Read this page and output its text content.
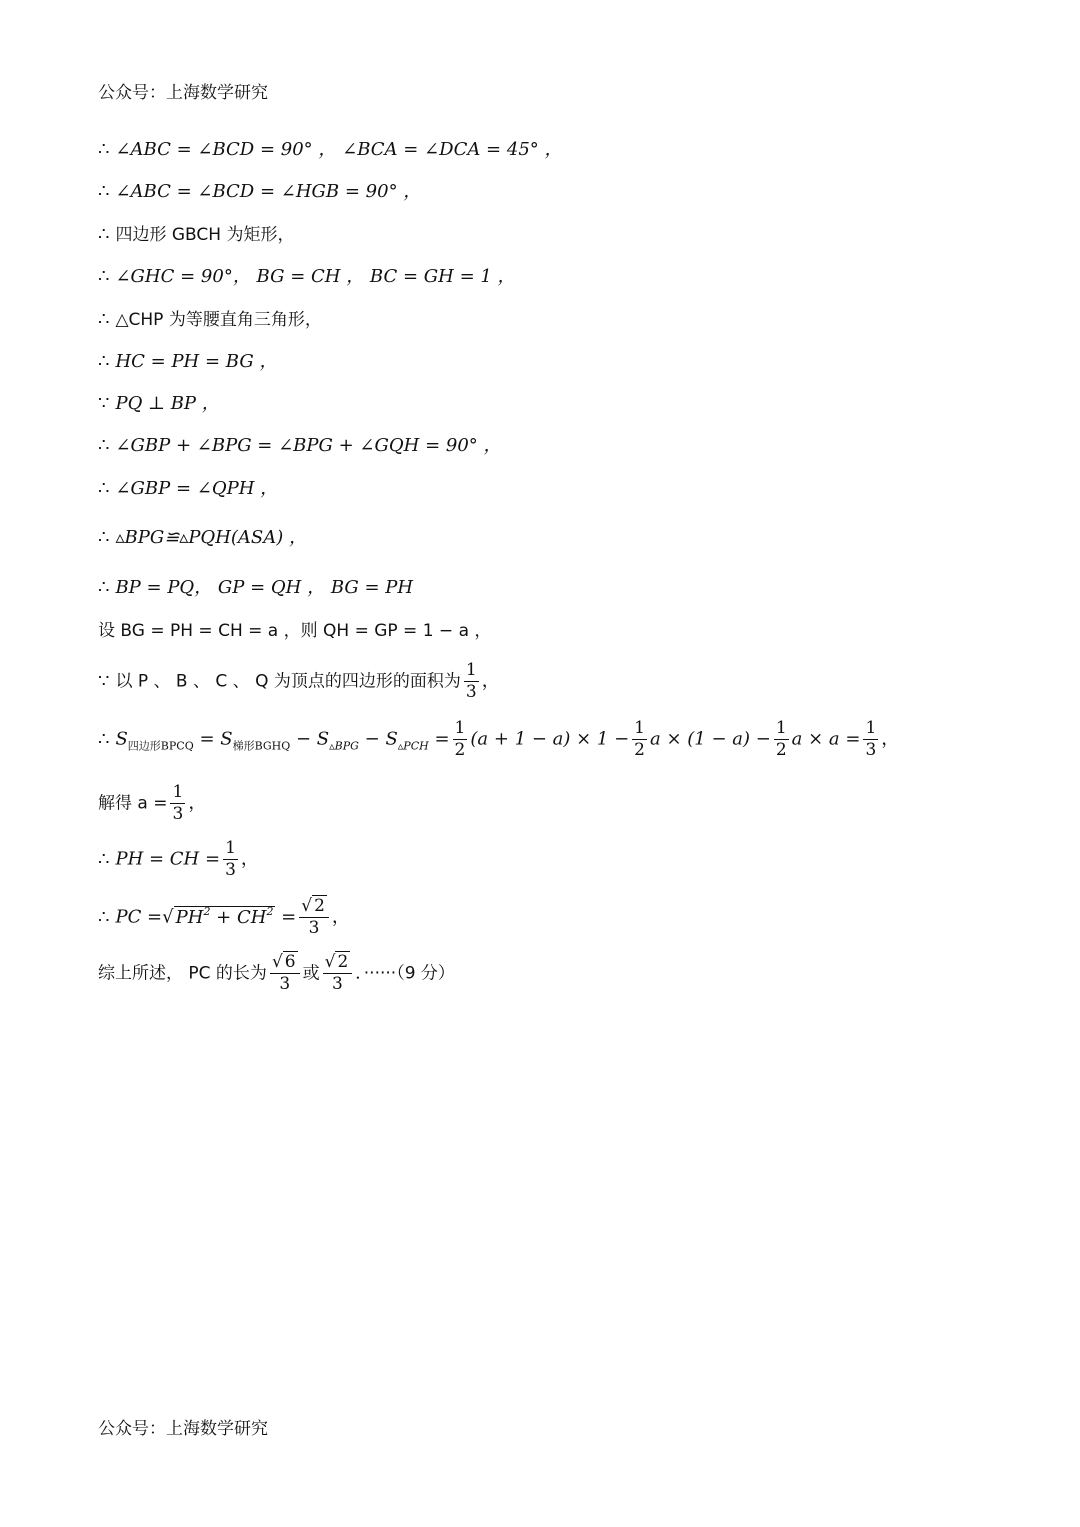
公众号：上海数学研究
∴ ∠ABC = ∠BCD = 90° ， ∠BCA = ∠DCA = 45° ，
∴ ∠ABC = ∠BCD = ∠HGB = 90° ，
∴ 四边形 GBCH 为矩形，
∴ ∠GHC = 90°， BG = CH ， BC = GH = 1 ，
∴ △CHP 为等腰直角三角形，
∴ HC = PH = BG ，
∵ PQ ⊥ BP ，
∴ ∠GBP + ∠BPG = ∠BPG + ∠GQH = 90° ，
∴ ∠GBP = ∠QPH ，
∴ ▵BPG≌▵PQH(ASA) ，
∴ BP = PQ， GP = QH ， BG = PH
设 BG = PH = CH = a ，则 QH = GP = 1 − a ，
∵ 以 P 、 B 、 C 、 Q 为顶点的四边形的面积为 $\frac{1}{3}$ ，
∴ $S_{四边形BPCQ} = S_{梯形BGHQ} - S_{▵BPG} - S_{▵PCH} = \frac{1}{2} (a + 1 - a) \times 1 - \frac{1}{2}$ $a \times (1 - a) - \frac{1}{2}$ $a \times a = \frac{1}{3}$ ，
解得 $a = \frac{1}{3}$ ，
∴ PH = CH = $\frac{1}{3}$ ，
∴ PC =√ $PH^2 + CH^2 = \frac{√ 2}{3}$ ，
综上所述， PC 的长为 $\frac{√ 6}{3}$ 或 $\frac{√ 2}{3}$ ．······（9 分）
公众号：上海数学研究
